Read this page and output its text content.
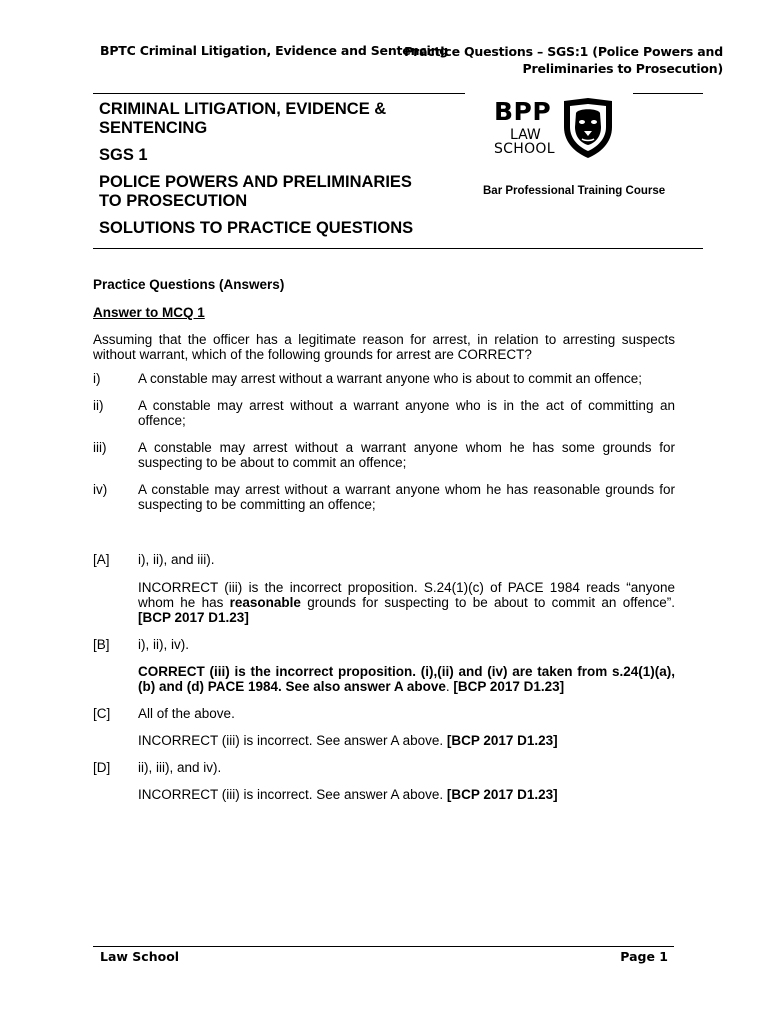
BPTC Criminal Litigation, Evidence and Sentencing
Practice Questions – SGS:1 (Police Powers and
Preliminaries to Prosecution)

CRIMINAL LITIGATION, EVIDENCE &

SENTENCING

SGS 1

POLICE POWERS AND PRELIMINARIES

TO PROSECUTION

SOLUTIONS TO PRACTICE QUESTIONS

BPP
LAW
SCHOOL
Bar Professional Training Course

Practice Questions (Answers)

Answer to MCQ 1

Assuming that the officer has a legitimate reason for arrest, in relation to arresting suspects without warrant, which of the following grounds for arrest are CORRECT?

i)	A constable may arrest without a warrant anyone who is about to commit an offence;
ii)	A constable may arrest without a warrant anyone who is in the act of committing an offence;
iii)	A constable may arrest without a warrant anyone whom he has some grounds for suspecting to be about to commit an offence;
iv)	A constable may arrest without a warrant anyone whom he has reasonable grounds for suspecting to be committing an offence;
[A]	i), ii), and iii).

INCORRECT (iii) is the incorrect proposition. S.24(1)(c) of PACE 1984 reads “anyone whom he has reasonable grounds for suspecting to be about to commit an offence”. [BCP 2017 D1.23]

[B]	i), ii), iv).

CORRECT (iii) is the incorrect proposition. (i),(ii) and (iv) are taken from s.24(1)(a), (b) and (d) PACE 1984. See also answer A above. [BCP 2017 D1.23]

[C]	All of the above.

INCORRECT (iii) is incorrect. See answer A above. [BCP 2017 D1.23]

[D]	ii), iii), and iv).

INCORRECT (iii) is incorrect. See answer A above. [BCP 2017 D1.23]

Law School	Page 1
